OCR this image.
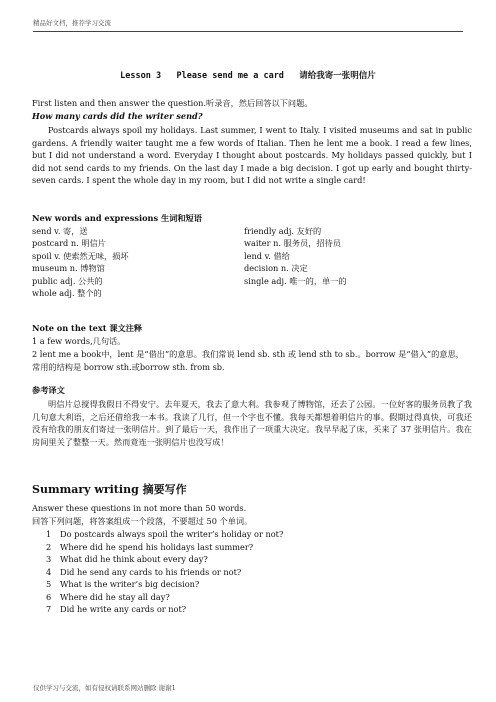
精品好文档，推荐学习交流
Lesson 3   Please send me a card 请给我寄一张明信片
First listen and then answer the question.听录音，然后回答以下问题。
How many cards did the writer send?
Postcards always spoil my holidays. Last summer, I went to Italy. I visited museums and sat in public gardens. A friendly waiter taught me a few words of Italian. Then he lent me a book. I read a few lines, but I did not understand a word. Everyday I thought about postcards. My holidays passed quickly, but I did not send cards to my friends. On the last day I made a big decision. I got up early and bought thirty-seven cards. I spent the whole day in my room, but I did not write a single card!
New words and expressions 生词和短语
send v. 寄，送	friendly adj. 友好的
postcard n. 明信片	waiter n. 服务员，招待员
spoil v. 使索然无味，损坏	lend v. 借给
museum n. 博物馆	decision n. 决定
public adj. 公共的	single adj. 唯一的，单一的
whole adj. 整个的
Note on the text 课文注释
1 a few words,几句话。
2 lent me a book中，lent 是“借出”的意思。我们常说 lend sb. sth 或 lend sth to sb.。borrow 是“借入”的意思，常用的结构是 borrow sth.或borrow sth. from sb.
参考译文
明信片总搅得我假日不得安宁。去年夏天，我去了意大利。我参观了博物馆，还去了公园。一位好客的服务员教了我几句意大利语，之后还借给我一本书。我读了几行，但一个字也不懂。我每天都想着明信片的事。假期过得真快，可我还没有给我的朋友们寄过一张明信片。到了最后一天，我作出了一项重大决定。我早早起了床，买来了 37 张明信片。我在房间里关了整整一天。然而竟连一张明信片也没写成！
Summary writing 摘要写作
Answer these questions in not more than 50 words.
回答下列问题，将答案组成一个段落，不要超过 50 个单词。
1	Do postcards always spoil the writer’s holiday or not?
2	Where did he spend his holidays last summer?
3	What did he think about every day?
4	Did he send any cards to his friends or not?
5	What is the writer’s big decision?
6	Where did he stay all day?
7	Did he write any cards or not?
仅供学习与交流，如有侵权请联系网站删除 谢谢1
